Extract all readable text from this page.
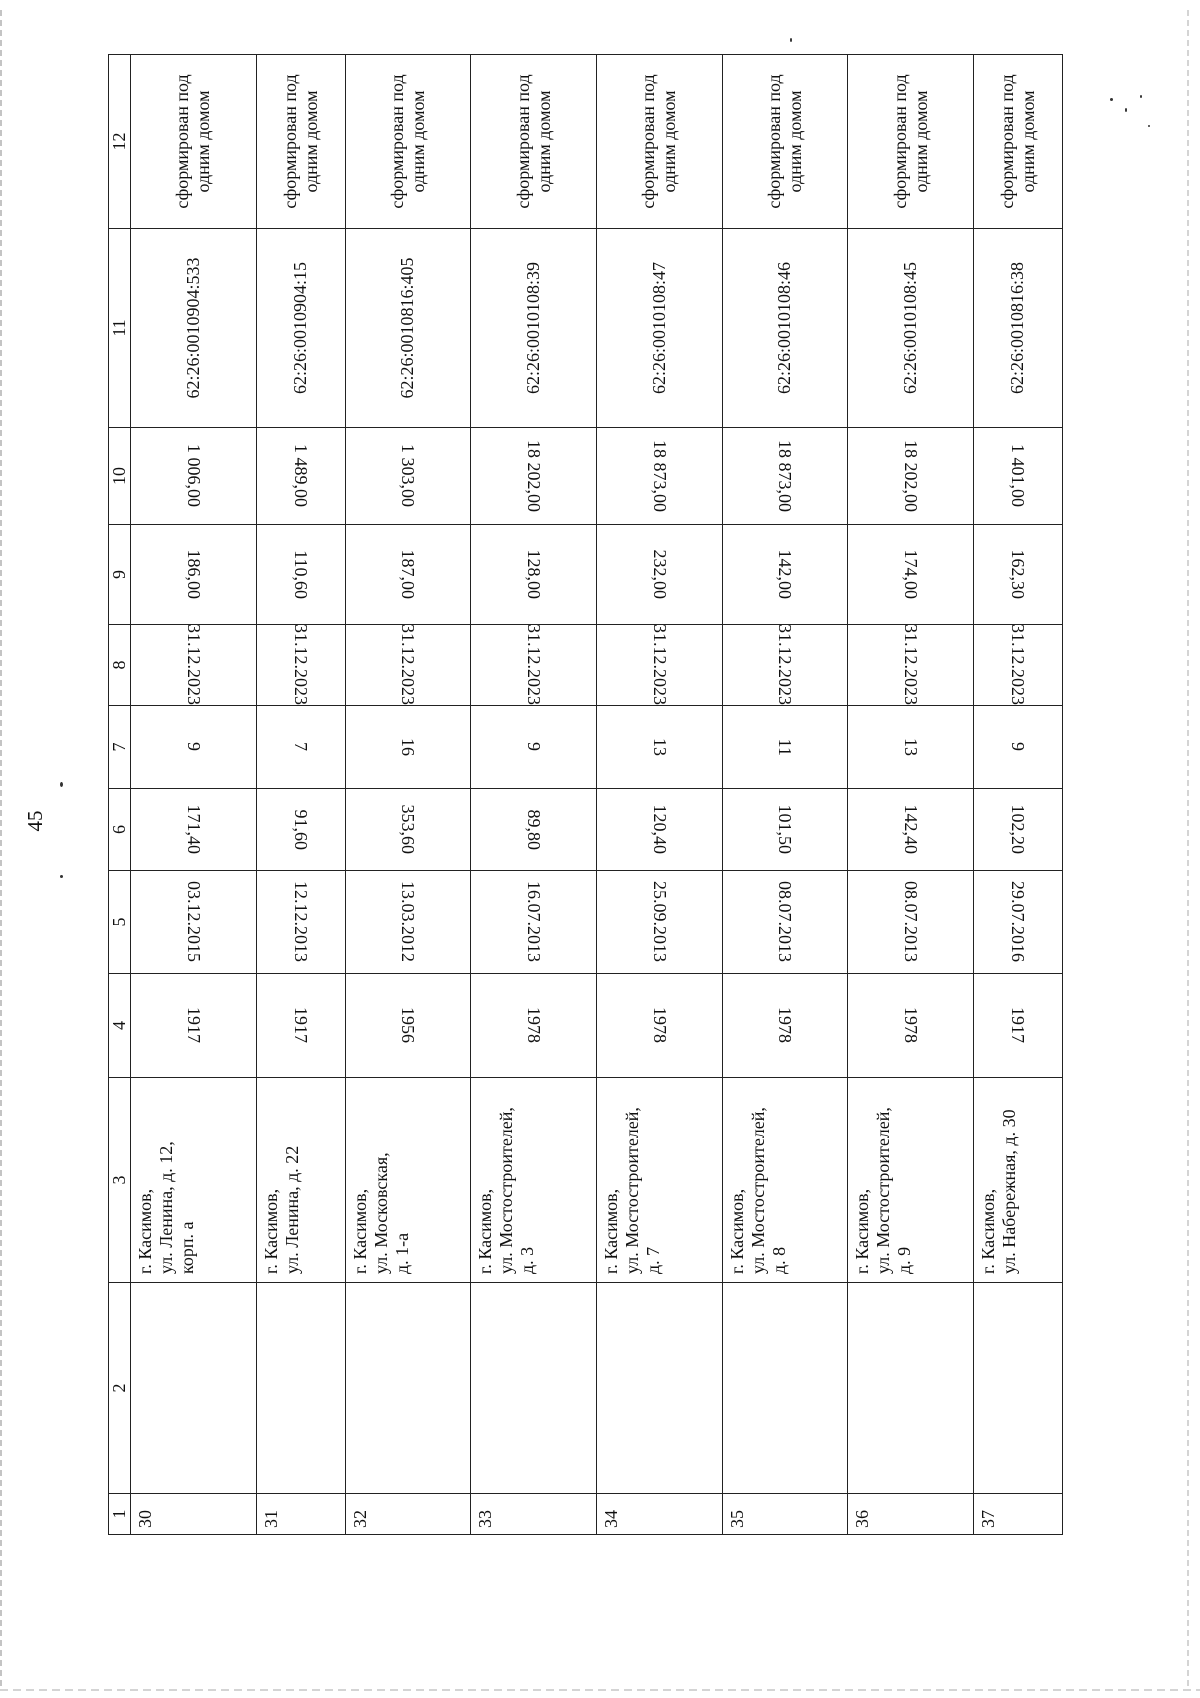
45
1	2	3	4	5	6	7	8	9	10	11	12
30		г. Касимов, ул. Ленина, д. 12, корп. а	1917	03.12.2015	171,40	9	31.12.2023	186,00	1 006,00	62:26:0010904:533	сформирован под одним домом

31		г. Касимов, ул. Ленина, д. 22	1917	12.12.2013	91,60	7	31.12.2023	110,60	1 489,00	62:26:0010904:15	сформирован под одним домом

32		г. Касимов, ул. Московская, д. 1-а	1956	13.03.2012	353,60	16	31.12.2023	187,00	1 303,00	62:26:0010816:405	сформирован под одним домом

33		г. Касимов, ул. Мостостроителей, д. 3	1978	16.07.2013	89,80	9	31.12.2023	128,00	18 202,00	62:26:0010108:39	сформирован под одним домом

34		г. Касимов, ул. Мостостроителей, д. 7	1978	25.09.2013	120,40	13	31.12.2023	232,00	18 873,00	62:26:0010108:47	сформирован под одним домом

35		г. Касимов, ул. Мостостроителей, д. 8	1978	08.07.2013	101,50	11	31.12.2023	142,00	18 873,00	62:26:0010108:46	сформирован под одним домом

36		г. Касимов, ул. Мостостроителей, д. 9	1978	08.07.2013	142,40	13	31.12.2023	174,00	18 202,00	62:26:0010108:45	сформирован под одним домом

37		г. Касимов, ул. Набережная, д. 30	1917	29.07.2016	102,20	9	31.12.2023	162,30	1 401,00	62:26:0010816:38	сформирован под одним домом
